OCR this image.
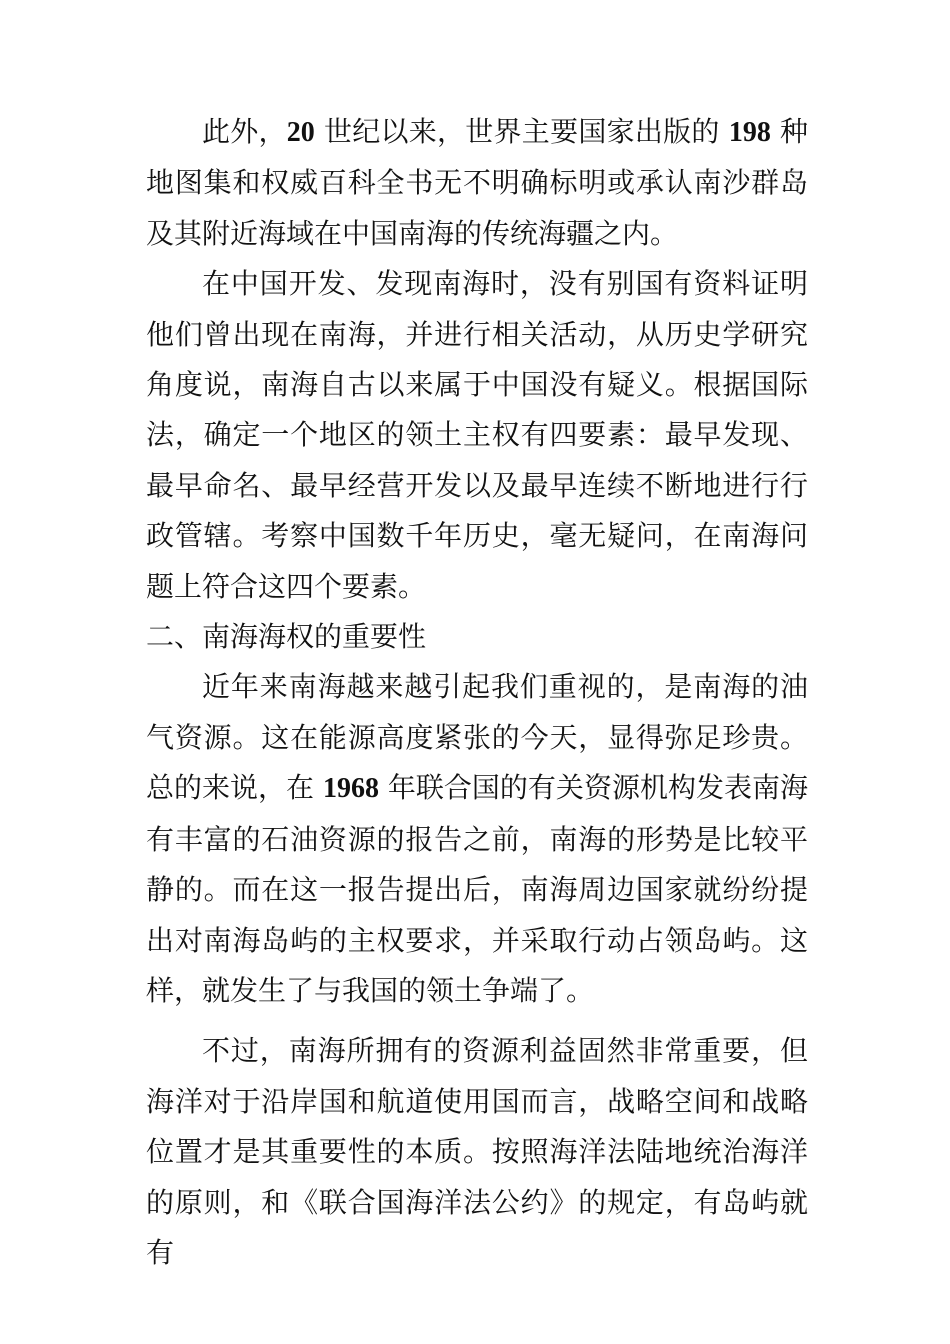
此外，20 世纪以来，世界主要国家出版的 198 种地图集和权威百科全书无不明确标明或承认南沙群岛及其附近海域在中国南海的传统海疆之内。

在中国开发、发现南海时，没有别国有资料证明他们曾出现在南海，并进行相关活动，从历史学研究角度说，南海自古以来属于中国没有疑义。根据国际法，确定一个地区的领土主权有四要素：最早发现、最早命名、最早经营开发以及最早连续不断地进行行政管辖。考察中国数千年历史，毫无疑问，在南海问题上符合这四个要素。

二、南海海权的重要性

近年来南海越来越引起我们重视的，是南海的油气资源。这在能源高度紧张的今天，显得弥足珍贵。总的来说，在 1968 年联合国的有关资源机构发表南海有丰富的石油资源的报告之前，南海的形势是比较平静的。而在这一报告提出后，南海周边国家就纷纷提出对南海岛屿的主权要求，并采取行动占领岛屿。这样，就发生了与我国的领土争端了。

不过，南海所拥有的资源利益固然非常重要，但海洋对于沿岸国和航道使用国而言，战略空间和战略位置才是其重要性的本质。按照海洋法陆地统治海洋的原则，和《联合国海洋法公约》的规定，有岛屿就有
